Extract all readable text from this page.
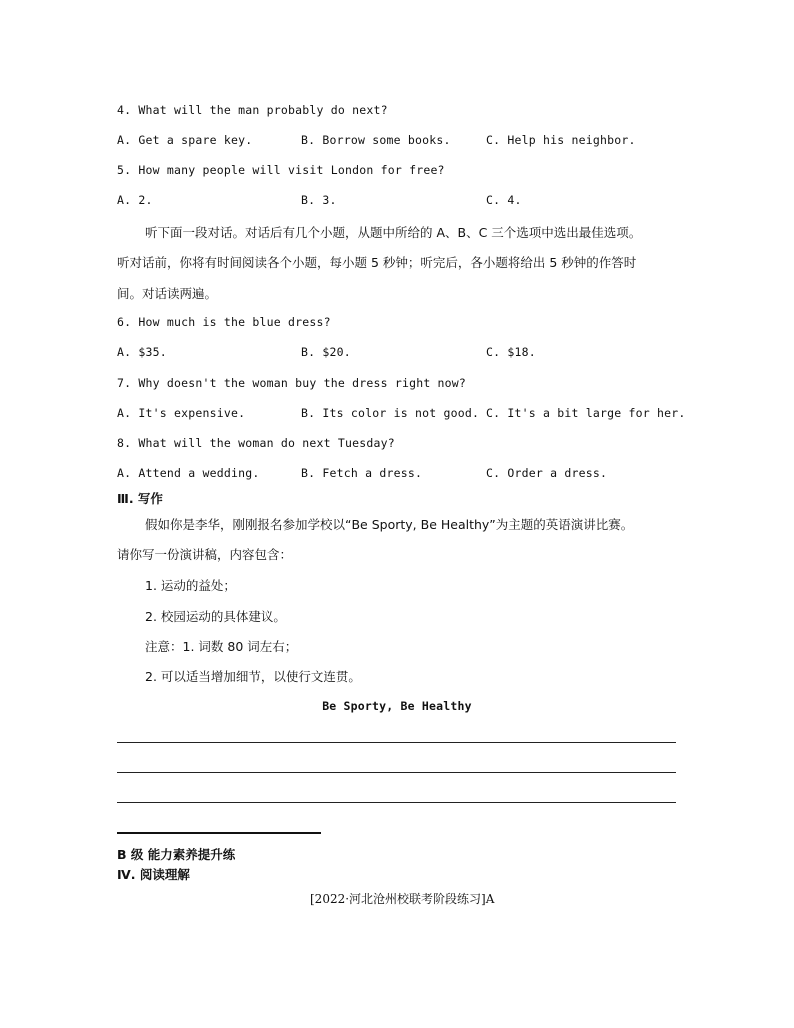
4. What will the man probably do next?
A. Get a spare key.	B. Borrow some books.	C. Help his neighbor.
5. How many people will visit London for free?
A. 2.	B. 3.	C. 4.
听下面一段对话。对话后有几个小题，从题中所给的 A、B、C 三个选项中选出最佳选项。
听对话前，你将有时间阅读各个小题，每小题 5 秒钟；听完后，各小题将给出 5 秒钟的作答时
间。对话读两遍。
6. How much is the blue dress?
A. $35.	B. $20.	C. $18.
7. Why doesn't the woman buy the dress right now?
A. It's expensive.	B. Its color is not good. C. It's a bit large for her.
8. What will the woman do next Tuesday?
A. Attend a wedding.	B. Fetch a dress.	C. Order a dress.
Ⅲ. 写作
假如你是李华，刚刚报名参加学校以“Be Sporty, Be Healthy”为主题的英语演讲比赛。
请你写一份演讲稿，内容包含：
1. 运动的益处；
2. 校园运动的具体建议。
注意：1. 词数 80 词左右；
2. 可以适当增加细节，以使行文连贯。
Be Sporty, Be Healthy
B 级 能力素养提升练
Ⅳ. 阅读理解
[2022·河北沧州校联考阶段练习]A
